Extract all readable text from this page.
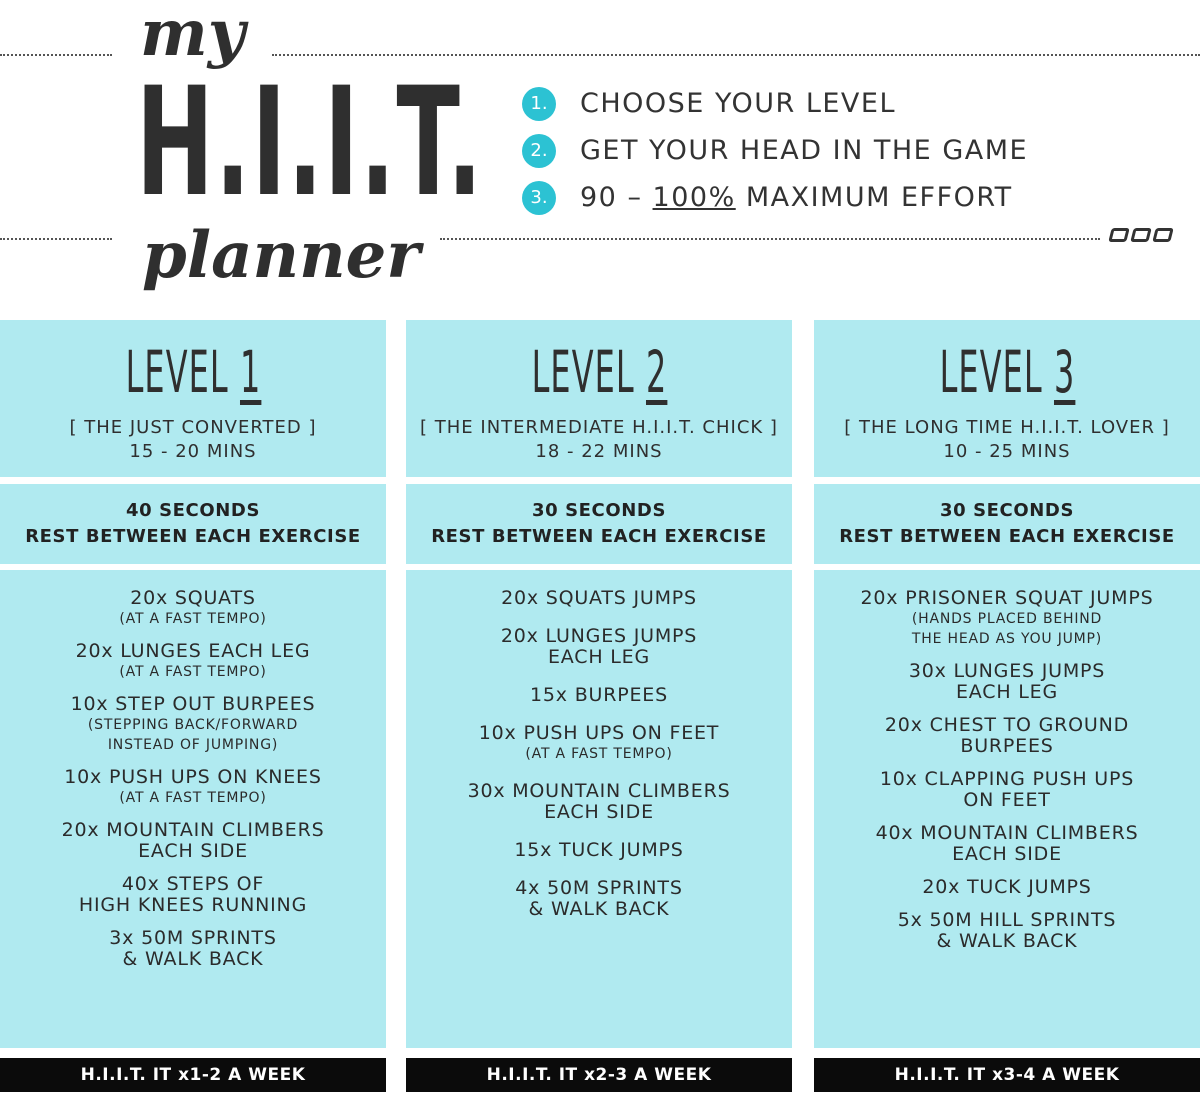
my

H.I.I.T.

planner

1.	CHOOSE YOUR LEVEL
2.	GET YOUR HEAD IN THE GAME
3.	90 – 100% MAXIMUM EFFORT
LEVEL 1
[ THE JUST CONVERTED ]
15 - 20 MINS
40 SECONDS
REST BETWEEN EACH EXERCISE
20x SQUATS
(AT A FAST TEMPO)
20x LUNGES EACH LEG
(AT A FAST TEMPO)
10x STEP OUT BURPEES
(STEPPING BACK/FORWARD
INSTEAD OF JUMPING)
10x PUSH UPS ON KNEES
(AT A FAST TEMPO)
20x MOUNTAIN CLIMBERS
EACH SIDE
40x STEPS OF
HIGH KNEES RUNNING
3x 50M SPRINTS
& WALK BACK
H.I.I.T. IT x1-2 A WEEK
LEVEL 2
[ THE INTERMEDIATE H.I.I.T. CHICK ]
18 - 22 MINS
30 SECONDS
REST BETWEEN EACH EXERCISE
20x SQUATS JUMPS
20x LUNGES JUMPS
EACH LEG
15x BURPEES
10x PUSH UPS ON FEET
(AT A FAST TEMPO)
30x MOUNTAIN CLIMBERS
EACH SIDE
15x TUCK JUMPS
4x 50M SPRINTS
& WALK BACK
H.I.I.T. IT x2-3 A WEEK
LEVEL 3
[ THE LONG TIME H.I.I.T. LOVER ]
10 - 25 MINS
30 SECONDS
REST BETWEEN EACH EXERCISE
20x PRISONER SQUAT JUMPS
(HANDS PLACED BEHIND
THE HEAD AS YOU JUMP)
30x LUNGES JUMPS
EACH LEG
20x CHEST TO GROUND
BURPEES
10x CLAPPING PUSH UPS
ON FEET
40x MOUNTAIN CLIMBERS
EACH SIDE
20x TUCK JUMPS
5x 50M HILL SPRINTS
& WALK BACK
H.I.I.T. IT x3-4 A WEEK
